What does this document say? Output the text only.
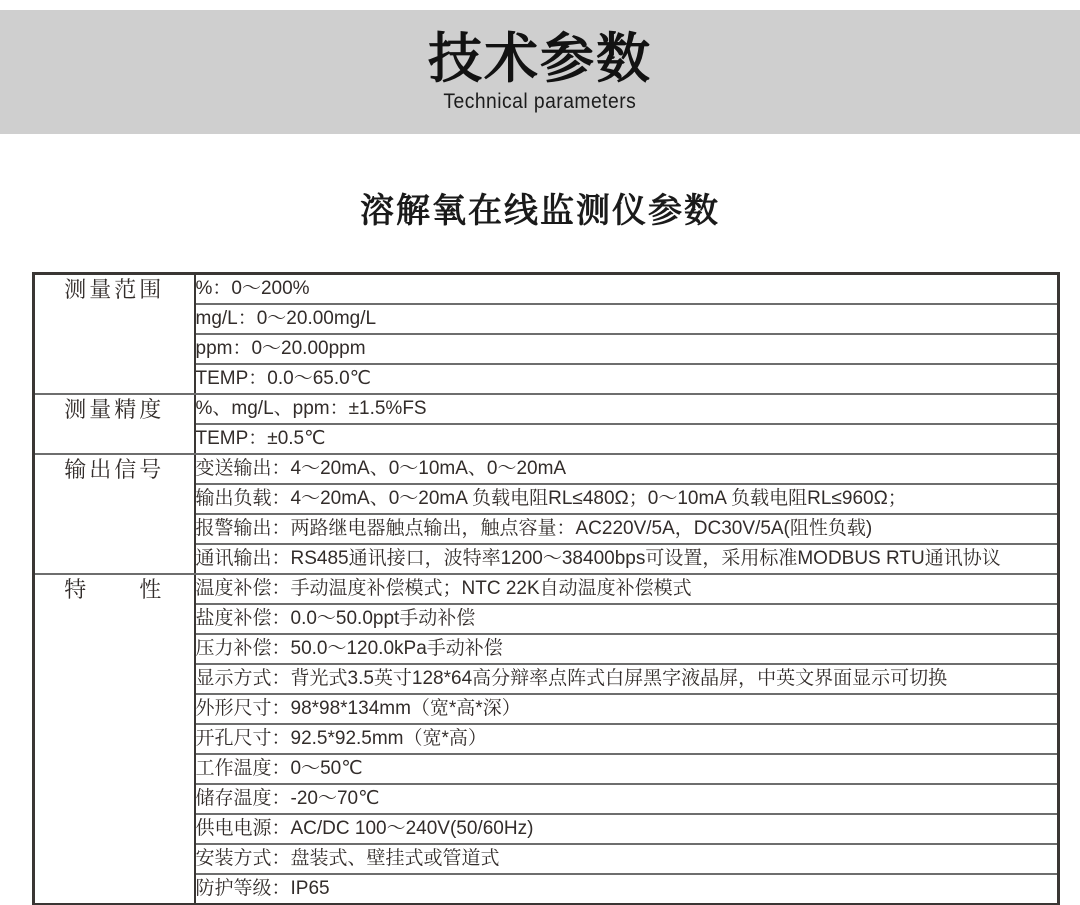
技术参数
Technical parameters
溶解氧在线监测仪参数
测量范围	%：0～200%
	mg/L：0～20.00mg/L
	ppm：0～20.00ppm
	TEMP：0.0～65.0℃
测量精度	%、mg/L、ppm：±1.5%FS
	TEMP：±0.5℃
输出信号	变送输出：4～20mA、0～10mA、0～20mA
	输出负载：4～20mA、0～20mA 负载电阻RL≤480Ω；0～10mA 负载电阻RL≤960Ω；
	报警输出：两路继电器触点输出，触点容量：AC220V/5A，DC30V/5A(阻性负载)
	通讯输出：RS485通讯接口，波特率1200～38400bps可设置，采用标准MODBUS RTU通讯协议
特　　性	温度补偿：手动温度补偿模式；NTC 22K自动温度补偿模式
	盐度补偿：0.0～50.0ppt手动补偿
	压力补偿：50.0～120.0kPa手动补偿
	显示方式：背光式3.5英寸128*64高分辩率点阵式白屏黑字液晶屏，中英文界面显示可切换
	外形尺寸：98*98*134mm（宽*高*深）
	开孔尺寸：92.5*92.5mm（宽*高）
	工作温度：0～50℃
	储存温度：-20～70℃
	供电电源：AC/DC 100～240V(50/60Hz)
	安装方式：盘装式、壁挂式或管道式
	防护等级：IP65
